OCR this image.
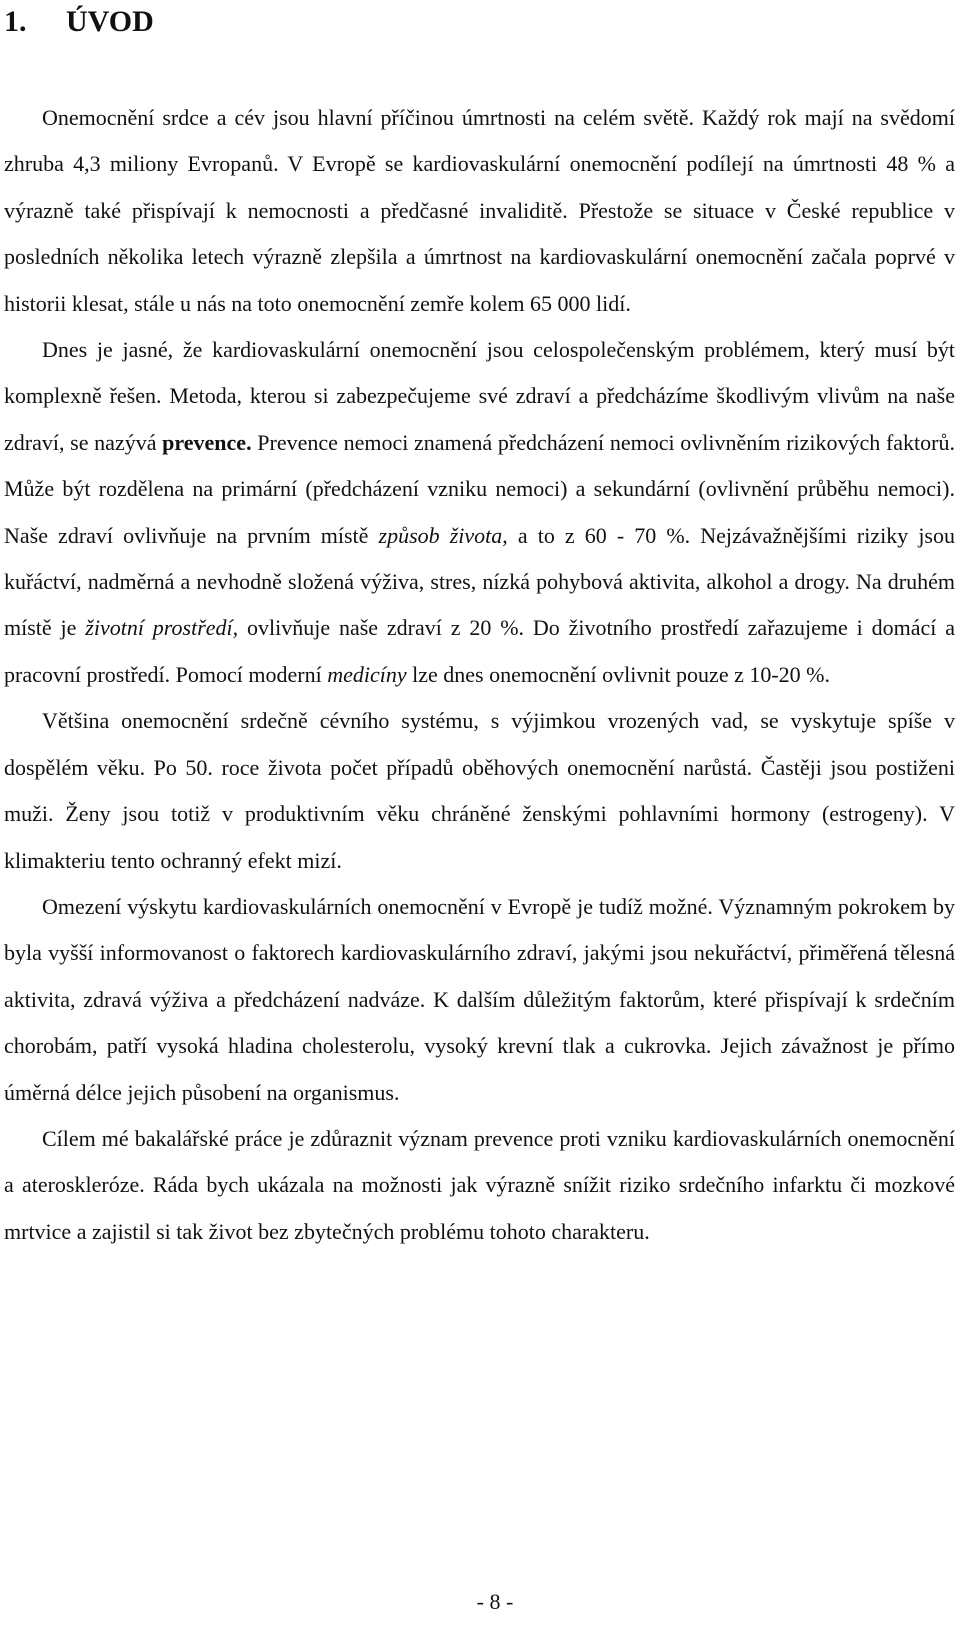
1. ÚVOD

Onemocnění srdce a cév jsou hlavní příčinou úmrtnosti na celém světě. Každý rok mají na svědomí zhruba 4,3 miliony Evropanů. V Evropě se kardiovaskulární onemocnění podílejí na úmrtnosti 48 % a výrazně také přispívají k nemocnosti a předčasné invaliditě. Přestože se situace v České republice v posledních několika letech výrazně zlepšila a úmrtnost na kardiovaskulární onemocnění začala poprvé v historii klesat, stále u nás na toto onemocnění zemře kolem 65 000 lidí.

Dnes je jasné, že kardiovaskulární onemocnění jsou celospolečenským problémem, který musí být komplexně řešen. Metoda, kterou si zabezpečujeme své zdraví a předcházíme škodlivým vlivům na naše zdraví, se nazývá prevence. Prevence nemoci znamená předcházení nemoci ovlivněním rizikových faktorů. Může být rozdělena na primární (předcházení vzniku nemoci) a sekundární (ovlivnění průběhu nemoci). Naše zdraví ovlivňuje na prvním místě způsob života, a to z 60 - 70 %. Nejzávažnějšími riziky jsou kuřáctví, nadměrná a nevhodně složená výživa, stres, nízká pohybová aktivita, alkohol a drogy. Na druhém místě je životní prostředí, ovlivňuje naše zdraví z 20 %. Do životního prostředí zařazujeme i domácí a pracovní prostředí. Pomocí moderní medicíny lze dnes onemocnění ovlivnit pouze z 10-20 %.

Většina onemocnění srdečně cévního systému, s výjimkou vrozených vad, se vyskytuje spíše v dospělém věku. Po 50. roce života počet případů oběhových onemocnění narůstá. Častěji jsou postiženi muži. Ženy jsou totiž v produktivním věku chráněné ženskými pohlavními hormony (estrogeny). V klimakteriu tento ochranný efekt mizí.

Omezení výskytu kardiovaskulárních onemocnění v Evropě je tudíž možné. Významným pokrokem by byla vyšší informovanost o faktorech kardiovaskulárního zdraví, jakými jsou nekuřáctví, přiměřená tělesná aktivita, zdravá výživa a předcházení nadváze. K dalším důležitým faktorům, které přispívají k srdečním chorobám, patří vysoká hladina cholesterolu, vysoký krevní tlak a cukrovka. Jejich závažnost je přímo úměrná délce jejich působení na organismus.

Cílem mé bakalářské práce je zdůraznit význam prevence proti vzniku kardiovaskulárních onemocnění a ateroskleróze. Ráda bych ukázala na možnosti jak výrazně snížit riziko srdečního infarktu či mozkové mrtvice a zajistil si tak život bez zbytečných problému tohoto charakteru.

- 8 -
